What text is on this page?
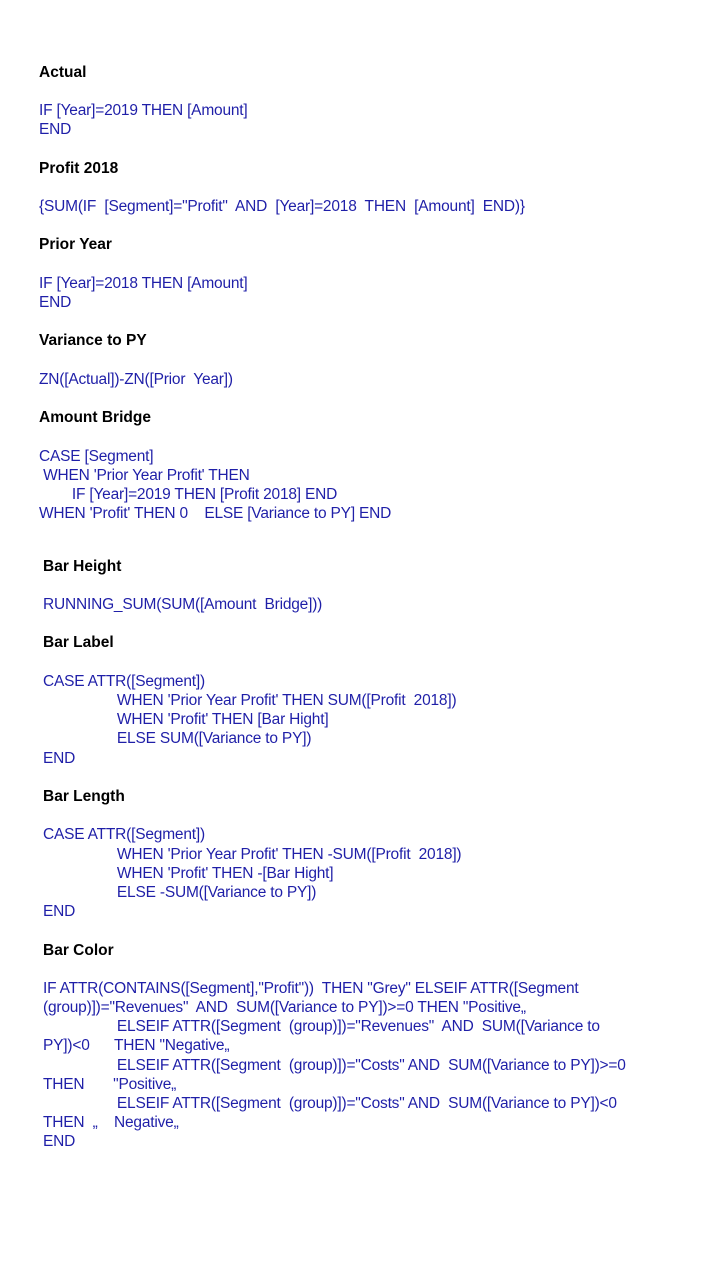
Actual
IF [Year]=2019 THEN [Amount]
END
Profit 2018
{SUM(IF  [Segment]="Profit"  AND  [Year]=2018  THEN  [Amount]  END)}
Prior Year
IF [Year]=2018 THEN [Amount]
END
Variance to PY
ZN([Actual])-ZN([Prior  Year])
Amount Bridge
CASE [Segment]
WHEN 'Prior Year Profit' THEN
IF [Year]=2019 THEN [Profit 2018] END
WHEN 'Profit' THEN 0    ELSE [Variance to PY] END
Bar Height
RUNNING_SUM(SUM([Amount  Bridge]))
Bar Label
CASE ATTR([Segment])
WHEN 'Prior Year Profit' THEN SUM([Profit  2018])
WHEN 'Profit' THEN [Bar Hight]
ELSE SUM([Variance to PY])
END
Bar Length
CASE ATTR([Segment])
WHEN 'Prior Year Profit' THEN -SUM([Profit  2018])
WHEN 'Profit' THEN -[Bar Hight]
ELSE -SUM([Variance to PY])
END
Bar Color
IF ATTR(CONTAINS([Segment],"Profit"))  THEN "Grey" ELSEIF ATTR([Segment
(group)])="Revenues"  AND  SUM([Variance to PY])>=0 THEN "Positive„
ELSEIF ATTR([Segment  (group)])="Revenues"  AND  SUM([Variance to
PY])<0      THEN "Negative„
ELSEIF ATTR([Segment  (group)])="Costs" AND  SUM([Variance to PY])>=0
THEN       "Positive„
ELSEIF ATTR([Segment  (group)])="Costs" AND  SUM([Variance to PY])<0
THEN  „    Negative„
END
